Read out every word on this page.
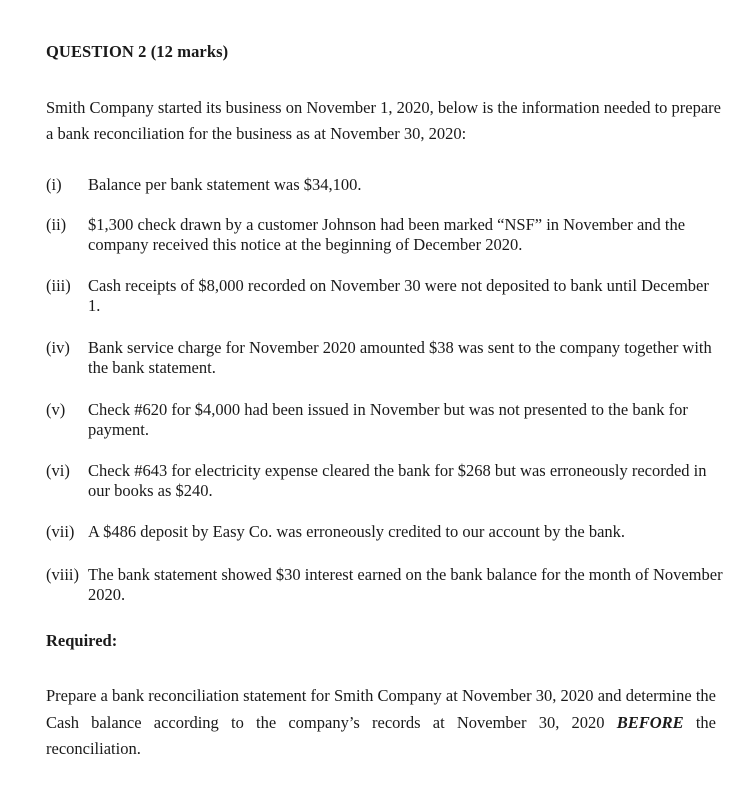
QUESTION 2 (12 marks)
Smith Company started its business on November 1, 2020, below is the information needed to prepare a bank reconciliation for the business as at November 30, 2020:
(i)	Balance per bank statement was $34,100.
(ii)	$1,300 check drawn by a customer Johnson had been marked “NSF” in November and the company received this notice at the beginning of December 2020.
(iii)	Cash receipts of $8,000 recorded on November 30 were not deposited to bank until December 1.
(iv)	Bank service charge for November 2020 amounted $38 was sent to the company together with the bank statement.
(v)	Check #620 for $4,000 had been issued in November but was not presented to the bank for payment.
(vi)	Check #643 for electricity expense cleared the bank for $268 but was erroneously recorded in our books as $240.
(vii) A $486 deposit by Easy Co. was erroneously credited to our account by the bank.
(viii) The bank statement showed $30 interest earned on the bank balance for the month of November 2020.
Required:
Prepare a bank reconciliation statement for Smith Company at November 30, 2020 and determine the Cash balance according to the company’s records at November 30, 2020 BEFORE the reconciliation.
